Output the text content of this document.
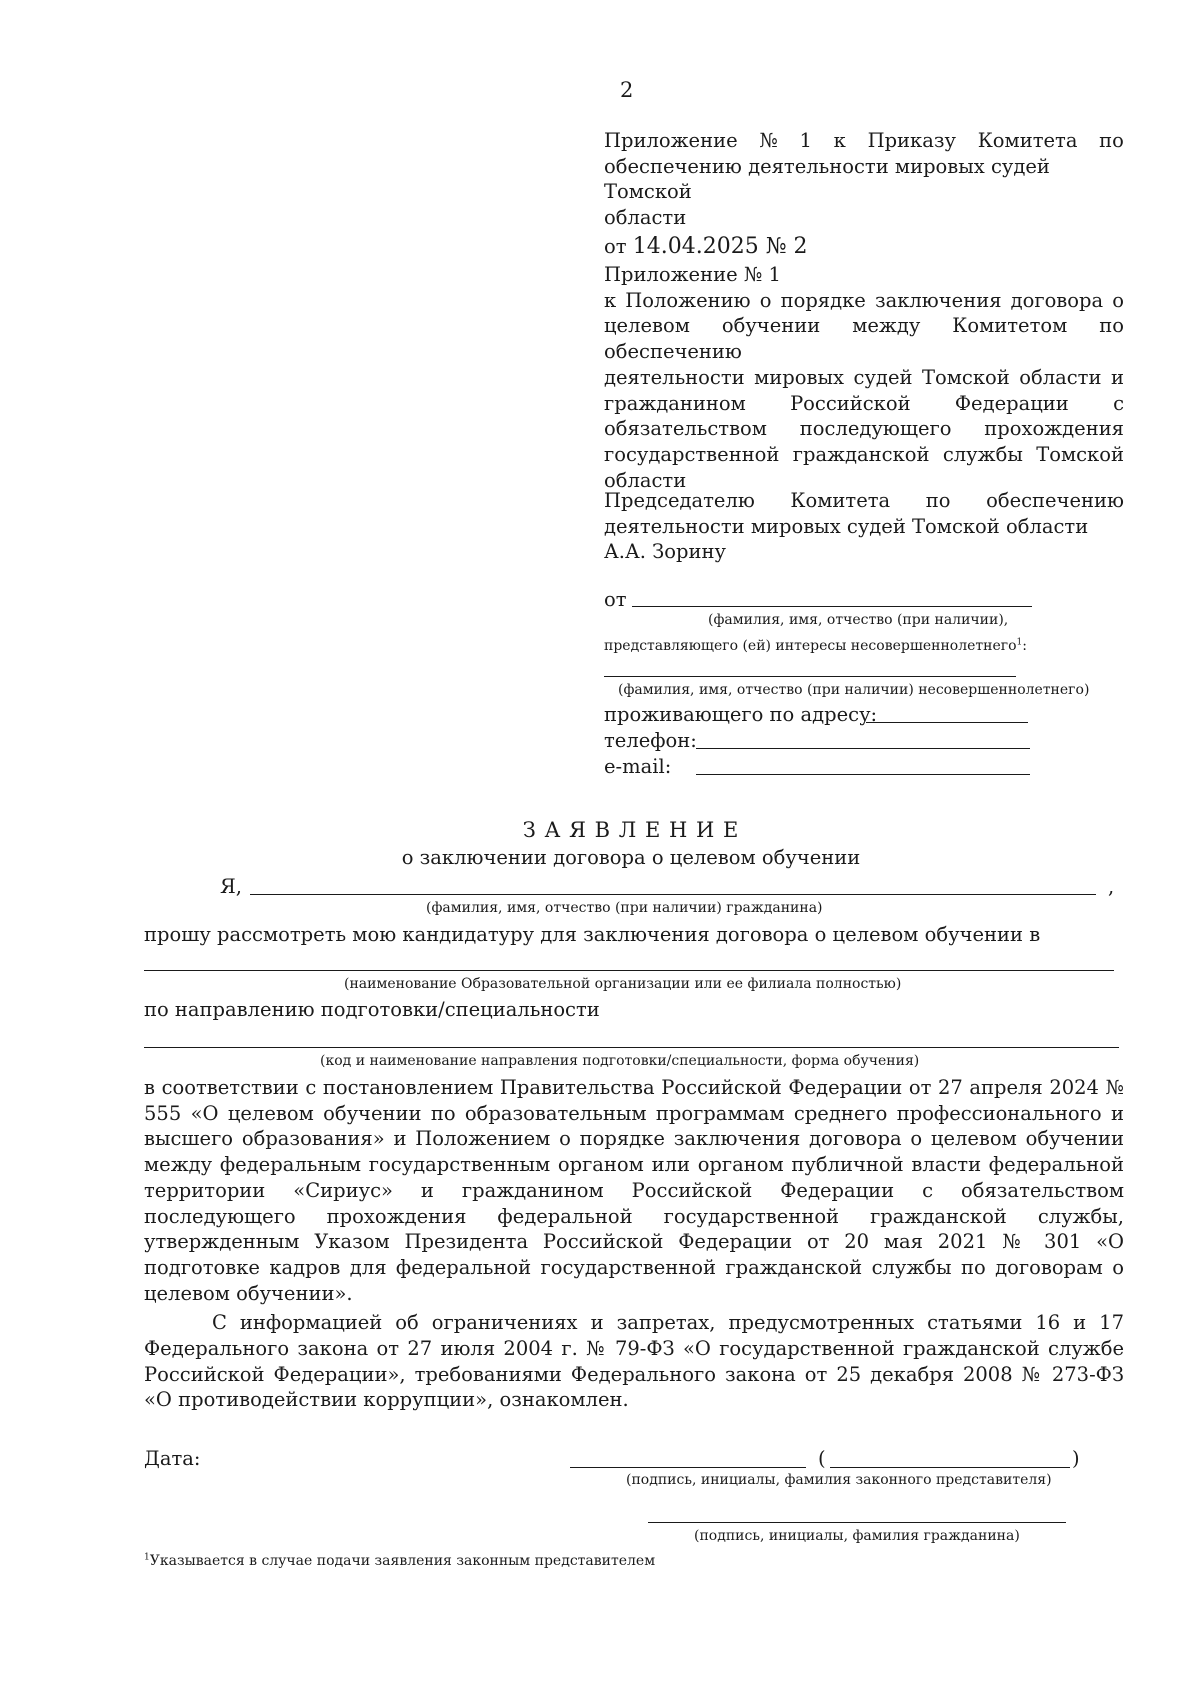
2
Приложение № 1 к Приказу Комитета по
обеспечению деятельности мировых судей Томской
области
от 14.04.2025 № 2
Приложение № 1
к Положению о порядке заключения договора о
целевом обучении между Комитетом по обеспечению
деятельности мировых судей Томской области и
гражданином Российской Федерации с
обязательством последующего прохождения
государственной гражданской службы Томской
области
Председателю Комитета по обеспечению
деятельности мировых судей Томской области
А.А. Зорину
от
(фамилия, имя, отчество (при наличии),
представляющего (ей) интересы несовершеннолетнего$^1$:
(фамилия, имя, отчество (при наличии) несовершеннолетнего)
проживающего по адресу:
телефон:
e-mail:
З А Я В Л Е Н И Е
о заключении договора о целевом обучении
Я,	,
(фамилия, имя, отчество (при наличии) гражданина)
прошу рассмотреть мою кандидатуру для заключения договора о целевом обучении в
(наименование Образовательной организации или ее филиала полностью)
по направлению подготовки/специальности
(код и наименование направления подготовки/специальности, форма обучения)
в соответствии с постановлением Правительства Российской Федерации от 27 апреля 2024 №
555 «О целевом обучении по образовательным программам среднего профессионального и
высшего образования» и Положением о порядке заключения договора о целевом обучении
между федеральным государственным органом или органом публичной власти федеральной
территории «Сириус» и гражданином Российской Федерации с обязательством
последующего прохождения федеральной государственной гражданской службы,
утвержденным Указом Президента Российской Федерации от 20 мая 2021 № 301 «О
подготовке кадров для федеральной государственной гражданской службы по договорам о
целевом обучении».
С информацией об ограничениях и запретах, предусмотренных статьями 16 и 17
Федерального закона от 27 июля 2004 г. № 79-ФЗ «О государственной гражданской службе
Российской Федерации», требованиями Федерального закона от 25 декабря 2008 № 273-ФЗ
«О противодействии коррупции», ознакомлен.
Дата:	(	)
(подпись, инициалы, фамилия законного представителя)
(подпись, инициалы, фамилия гражданина)
$^1$Указывается в случае подачи заявления законным представителем
